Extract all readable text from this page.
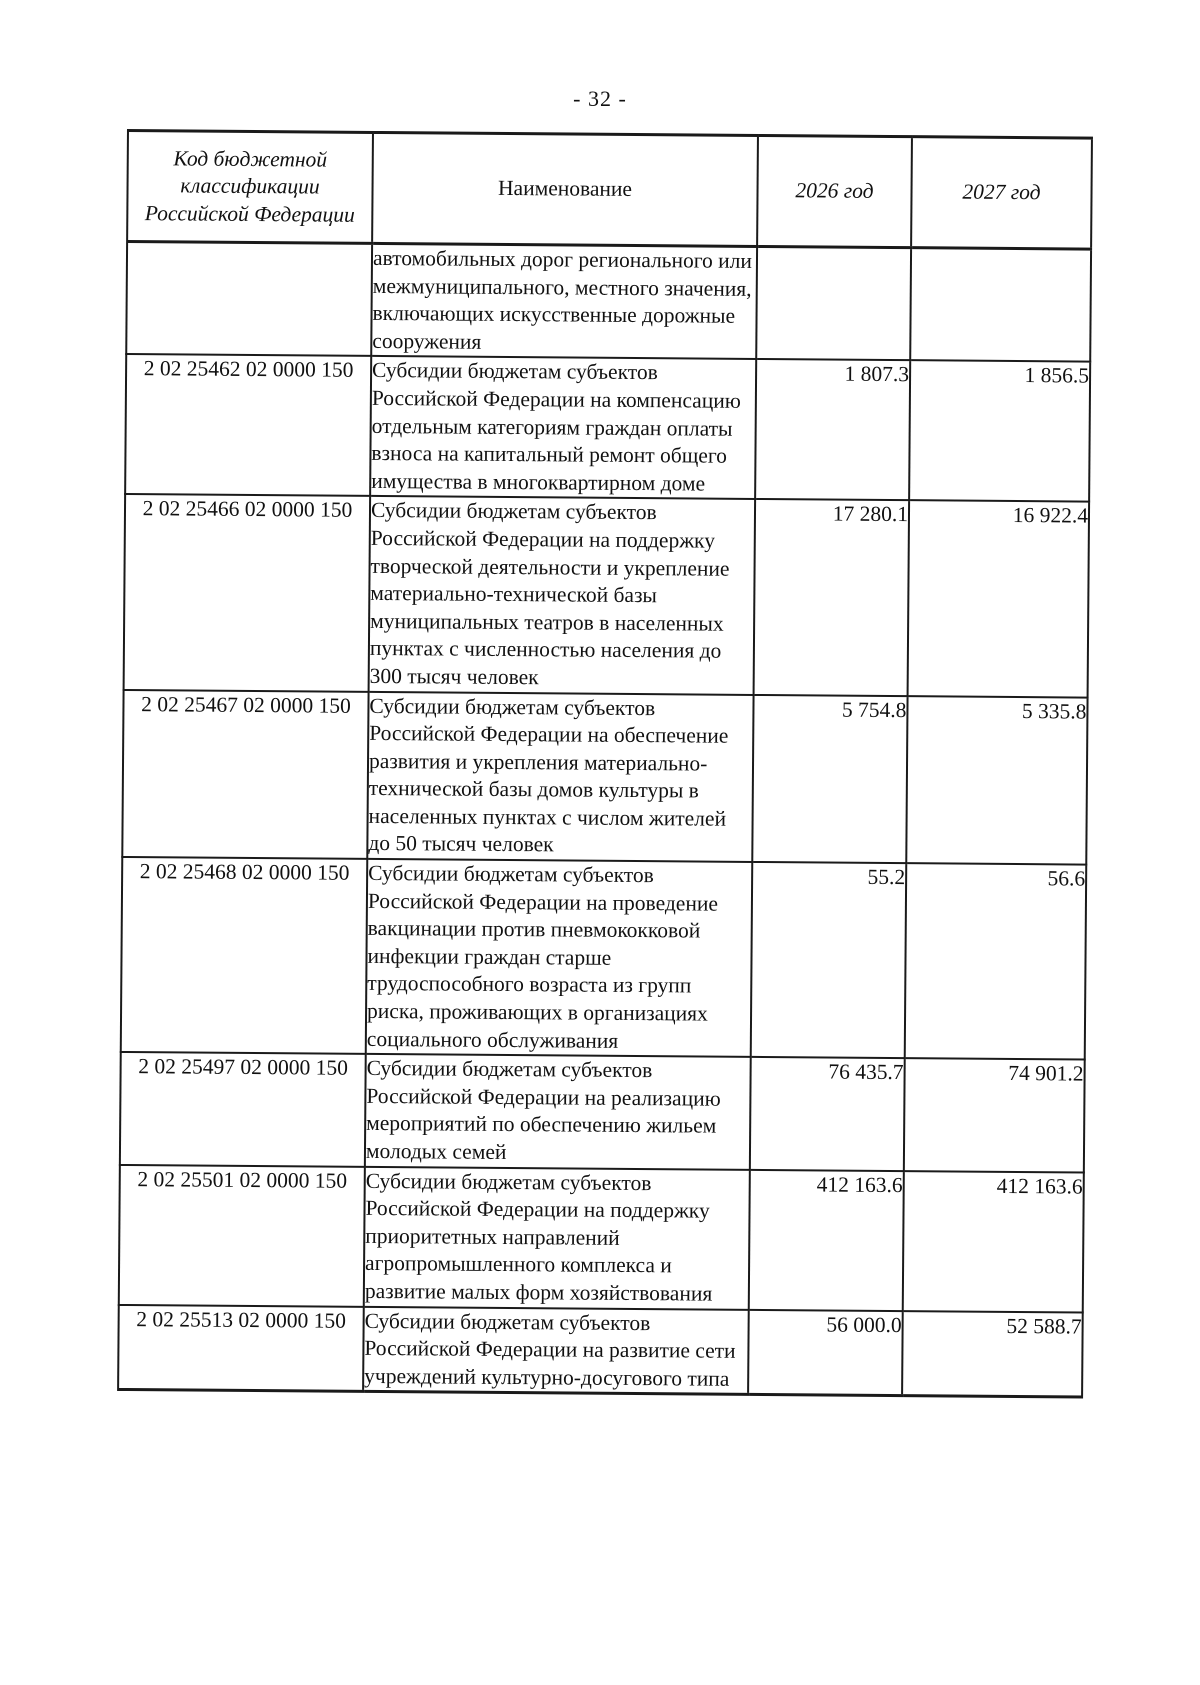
- 32 -
Код бюджетной классификации Российской Федерации	Наименование	2026 год	2027 год
	автомобильных дорог регионального или межмуниципального, местного значения, включающих искусственные дорожные сооружения		
2 02 25462 02 0000 150	Субсидии бюджетам субъектов Российской Федерации на компенсацию отдельным категориям граждан оплаты взноса на капитальный ремонт общего имущества в многоквартирном доме	1 807.3	1 856.5
2 02 25466 02 0000 150	Субсидии бюджетам субъектов Российской Федерации на поддержку творческой деятельности и укрепление материально-технической базы муниципальных театров в населенных пунктах с численностью населения до 300 тысяч человек	17 280.1	16 922.4
2 02 25467 02 0000 150	Субсидии бюджетам субъектов Российской Федерации на обеспечение развития и укрепления материально-технической базы домов культуры в населенных пунктах с числом жителей до 50 тысяч человек	5 754.8	5 335.8
2 02 25468 02 0000 150	Субсидии бюджетам субъектов Российской Федерации на проведение вакцинации против пневмококковой инфекции граждан старше трудоспособного возраста из групп риска, проживающих в организациях социального обслуживания	55.2	56.6
2 02 25497 02 0000 150	Субсидии бюджетам субъектов Российской Федерации на реализацию мероприятий по обеспечению жильем молодых семей	76 435.7	74 901.2
2 02 25501 02 0000 150	Субсидии бюджетам субъектов Российской Федерации на поддержку приоритетных направлений агропромышленного комплекса и развитие малых форм хозяйствования	412 163.6	412 163.6
2 02 25513 02 0000 150	Субсидии бюджетам субъектов Российской Федерации на развитие сети учреждений культурно-досугового типа	56 000.0	52 588.7
